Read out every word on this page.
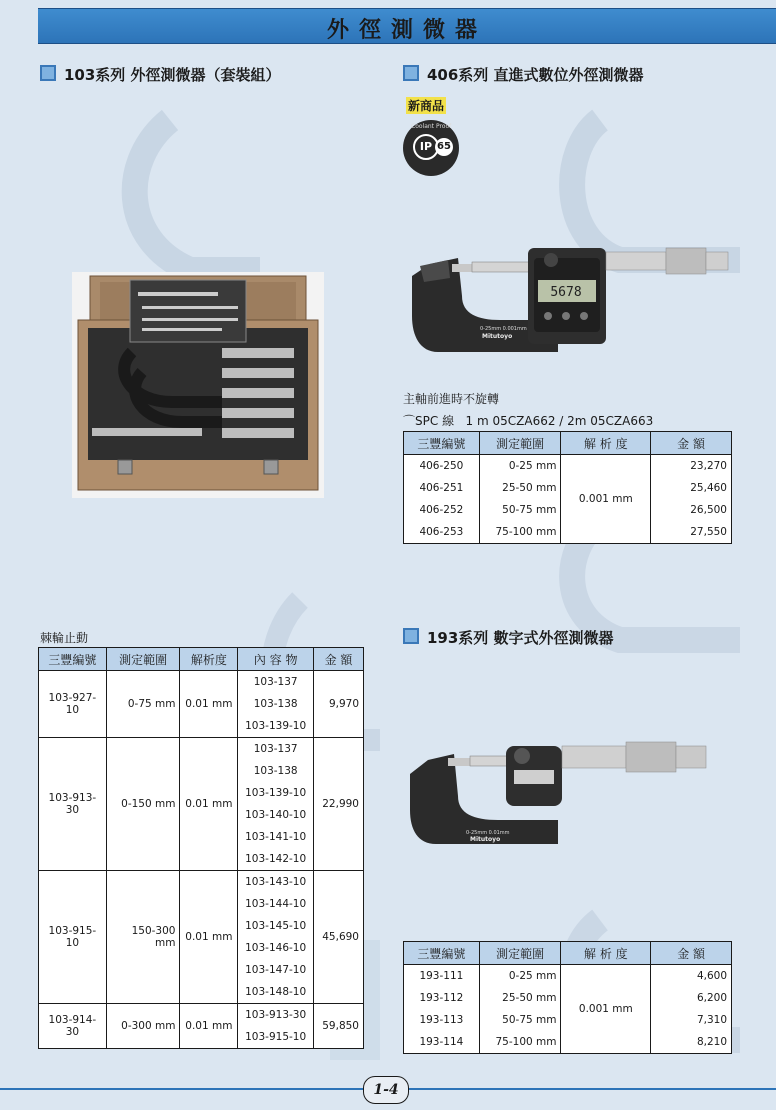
外徑測微器
103系列 外徑測微器（套裝組）	406系列 直進式數位外徑測微器
新商品
Coolant Proof
IP 65
5678
0-25mm 0.001mm
Mitutoyo
主軸前進時不旋轉
⌒SPC 線 1 m 05CZA662 / 2m 05CZA663
三豐編號	測定範圍	解 析 度	金 額
406-250	0-25 mm	0.001 mm	23,270
406-251	25-50 mm		25,460
406-252	50-75 mm		26,500
406-253	75-100 mm		27,550
棘輪止動
三豐編號	測定範圍	解析度	內 容 物	金 額
103-927-10	0-75 mm	0.01 mm	103-137	9,970
			103-138	
			103-139-10	
103-913-30	0-150 mm	0.01 mm	103-137	22,990
			103-138	
			103-139-10	
			103-140-10	
			103-141-10	
			103-142-10	
103-915-10	150-300 mm	0.01 mm	103-143-10	45,690
			103-144-10	
			103-145-10	
			103-146-10	
			103-147-10	
			103-148-10	
103-914-30	0-300 mm	0.01 mm	103-913-30	59,850
			103-915-10	
193系列 數字式外徑測微器
0-25mm 0.01mm
Mitutoyo
三豐編號	測定範圍	解 析 度	金 額
193-111	0-25 mm	0.001 mm	4,600
193-112	25-50 mm		6,200
193-113	50-75 mm		7,310
193-114	75-100 mm		8,210
1-4
